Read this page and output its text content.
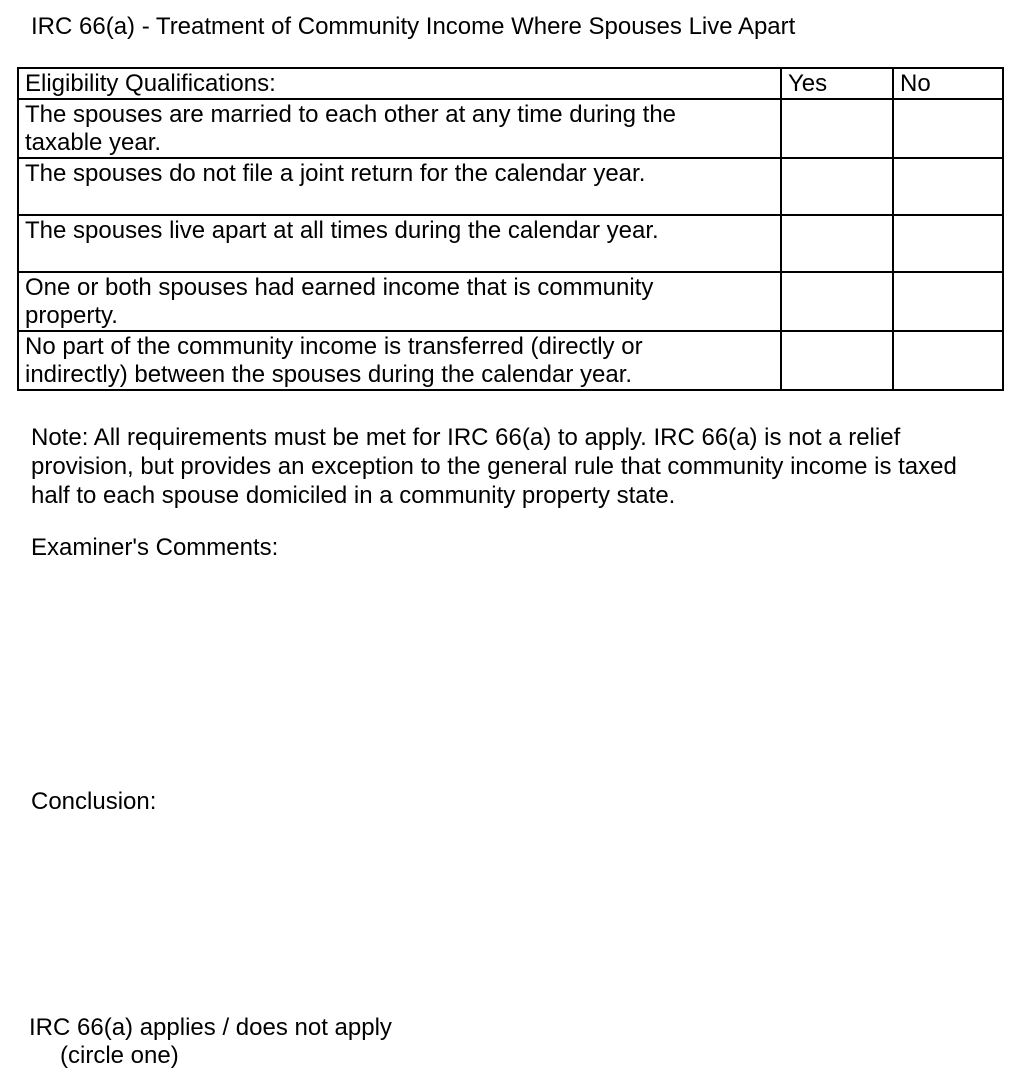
IRC 66(a) - Treatment of Community Income Where Spouses Live Apart
Eligibility Qualifications:	Yes	No

The spouses are married to each other at any time during the taxable year.		

The spouses do not file a joint return for the calendar year.		

The spouses live apart at all times during the calendar year.		

One or both spouses had earned income that is community property.		

No part of the community income is transferred (directly or indirectly) between the spouses during the calendar year.		

Note: All requirements must be met for IRC 66(a) to apply. IRC 66(a) is not a relief provision, but provides an exception to the general rule that community income is taxed half to each spouse domiciled in a community property state.
Examiner's Comments:
Conclusion:
IRC 66(a) applies / does not apply
(circle one)
